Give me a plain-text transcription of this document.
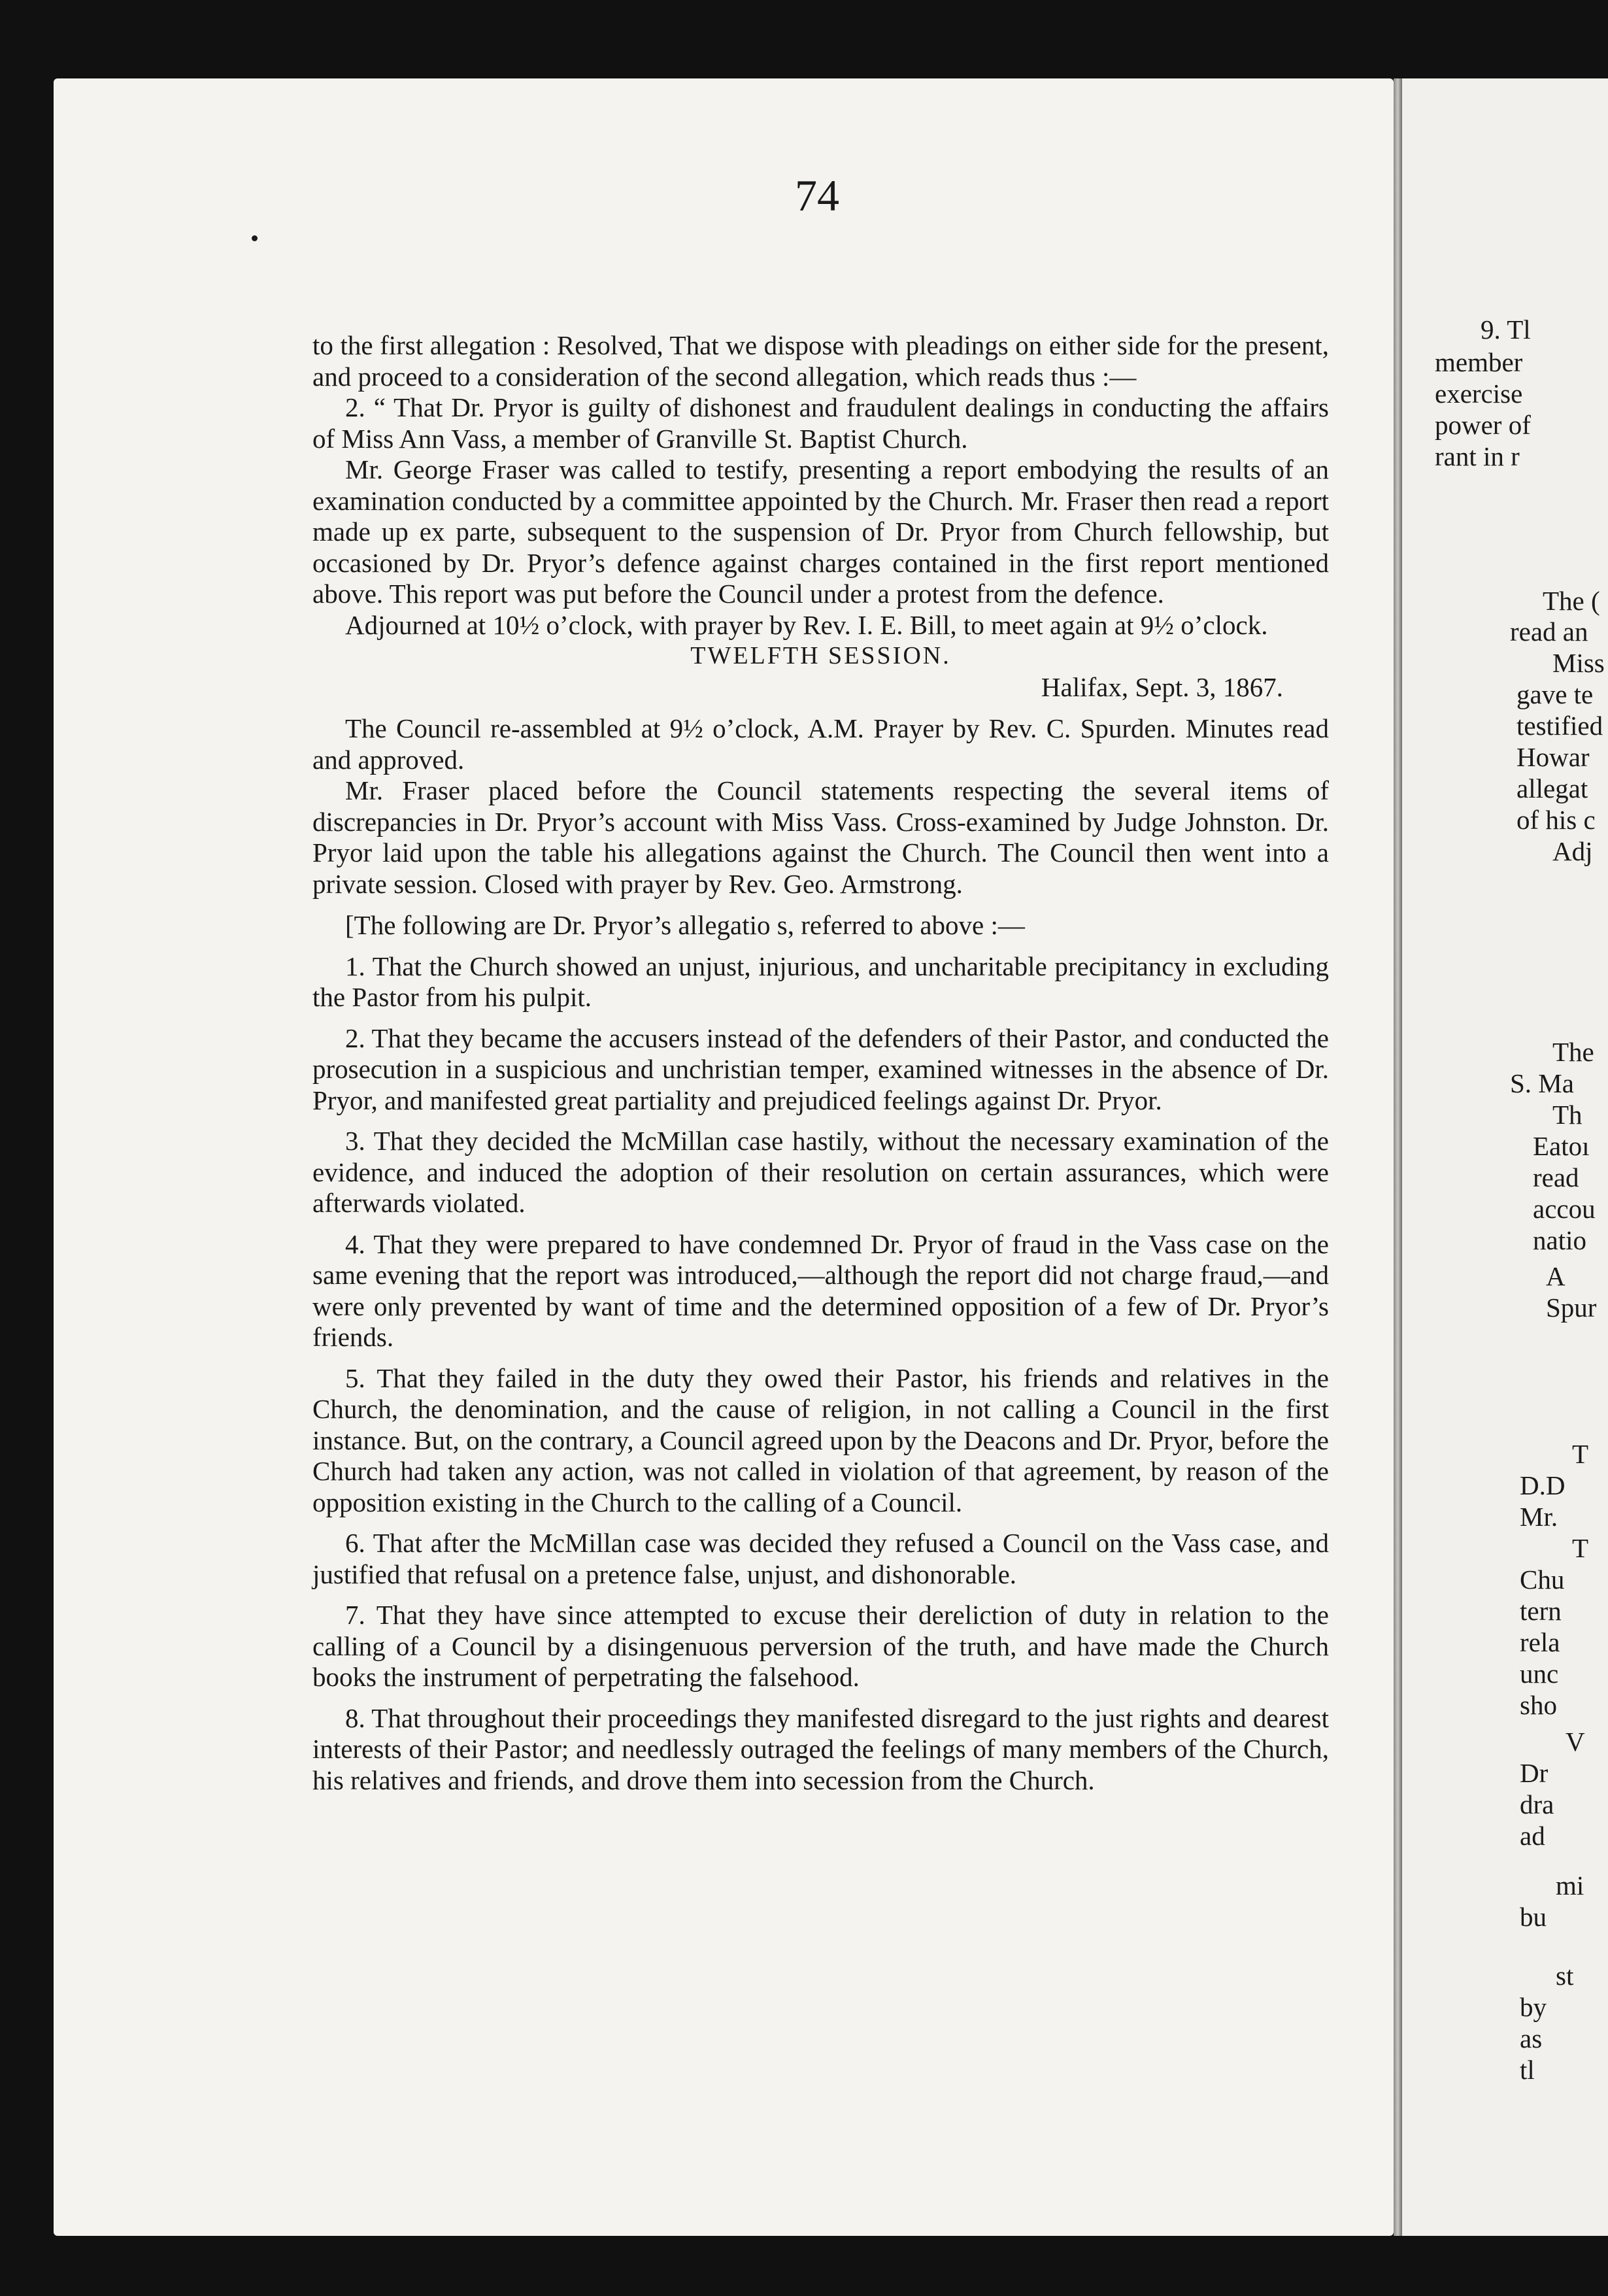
9. Tl
member
exercise
power of
rant in r
The (
read an
Miss
gave te
testified
Howar
allegat
of his c
Adj
The
S. Ma
Th
Eatoı
read
accou
natio
A
Spur
T
D.D
Mr.
T
Chu
tern
rela
unc
sho
V
Dr
dra
ad
mi
bu
st
by
as
tl
74

to the first allegation : Resolved, That we dispose with pleadings on either side for the present, and proceed to a consideration of the second allegation, which reads thus :—

2. “ That Dr. Pryor is guilty of dishonest and fraudulent dealings in conducting the affairs of Miss Ann Vass, a member of Granville St. Baptist Church.

Mr. George Fraser was called to testify, presenting a report embodying the results of an examination conducted by a committee appointed by the Church. Mr. Fraser then read a report made up ex parte, subsequent to the suspension of Dr. Pryor from Church fellowship, but occasioned by Dr. Pryor’s defence against charges contained in the first report mentioned above. This report was put before the Council under a protest from the defence.

Adjourned at 10½ o’clock, with prayer by Rev. I. E. Bill, to meet again at 9½ o’clock.

TWELFTH SESSION.

Halifax, Sept. 3, 1867.

The Council re-assembled at 9½ o’clock, A.M. Prayer by Rev. C. Spurden. Minutes read and approved.

Mr. Fraser placed before the Council statements respecting the several items of discrepancies in Dr. Pryor’s account with Miss Vass. Cross-examined by Judge Johnston. Dr. Pryor laid upon the table his allegations against the Church. The Council then went into a private session. Closed with prayer by Rev. Geo. Armstrong.

[The following are Dr. Pryor’s allegatio s, referred to above :—

1. That the Church showed an unjust, injurious, and uncharitable precipitancy in excluding the Pastor from his pulpit.

2. That they became the accusers instead of the defenders of their Pastor, and conducted the prosecution in a suspicious and unchristian temper, examined witnesses in the absence of Dr. Pryor, and manifested great partiality and prejudiced feelings against Dr. Pryor.

3. That they decided the McMillan case hastily, without the necessary examination of the evidence, and induced the adoption of their resolution on certain assurances, which were afterwards violated.

4. That they were prepared to have condemned Dr. Pryor of fraud in the Vass case on the same evening that the report was introduced,—although the report did not charge fraud,—and were only prevented by want of time and the determined opposition of a few of Dr. Pryor’s friends.

5. That they failed in the duty they owed their Pastor, his friends and relatives in the Church, the denomination, and the cause of religion, in not calling a Council in the first instance. But, on the contrary, a Council agreed upon by the Deacons and Dr. Pryor, before the Church had taken any action, was not called in violation of that agreement, by reason of the opposition existing in the Church to the calling of a Council.

6. That after the McMillan case was decided they refused a Council on the Vass case, and justified that refusal on a pretence false, unjust, and dishonorable.

7. That they have since attempted to excuse their dereliction of duty in relation to the calling of a Council by a disingenuous perversion of the truth, and have made the Church books the instrument of perpetrating the falsehood.

8. That throughout their proceedings they manifested disregard to the just rights and dearest interests of their Pastor; and needlessly outraged the feelings of many members of the Church, his relatives and friends, and drove them into secession from the Church.
